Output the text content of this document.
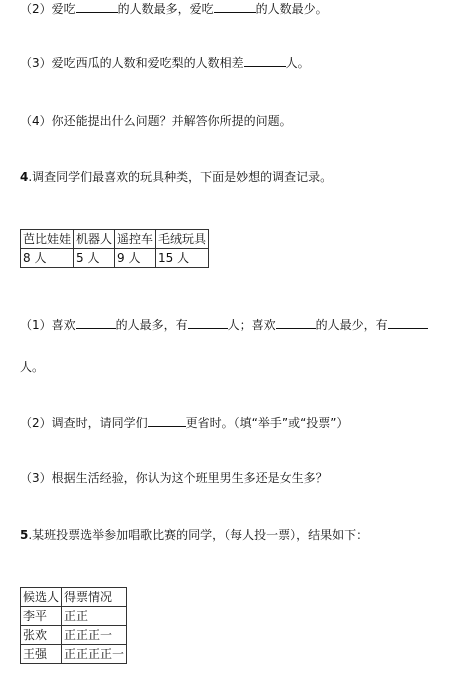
（2）爱吃	的人数最多，爱吃	的人数最少。
（3）爱吃西瓜的人数和爱吃梨的人数相差	人。
（4）你还能提出什么问题？并解答你所提的问题。
4.调查同学们最喜欢的玩具种类，下面是妙想的调查记录。
芭比娃娃	机器人	遥控车	毛绒玩具
8 人	5 人	9 人	15 人
（1）喜欢	的人最多，有	人；喜欢	的人最少，有
人。
（2）调查时，请同学们	更省时。（填“举手”或“投票”）
（3）根据生活经验，你认为这个班里男生多还是女生多？
5.某班投票选举参加唱歌比赛的同学，（每人投一票），结果如下：
候选人	得票情况
李平	正正
张欢	正正正一
王强	正正正正一
